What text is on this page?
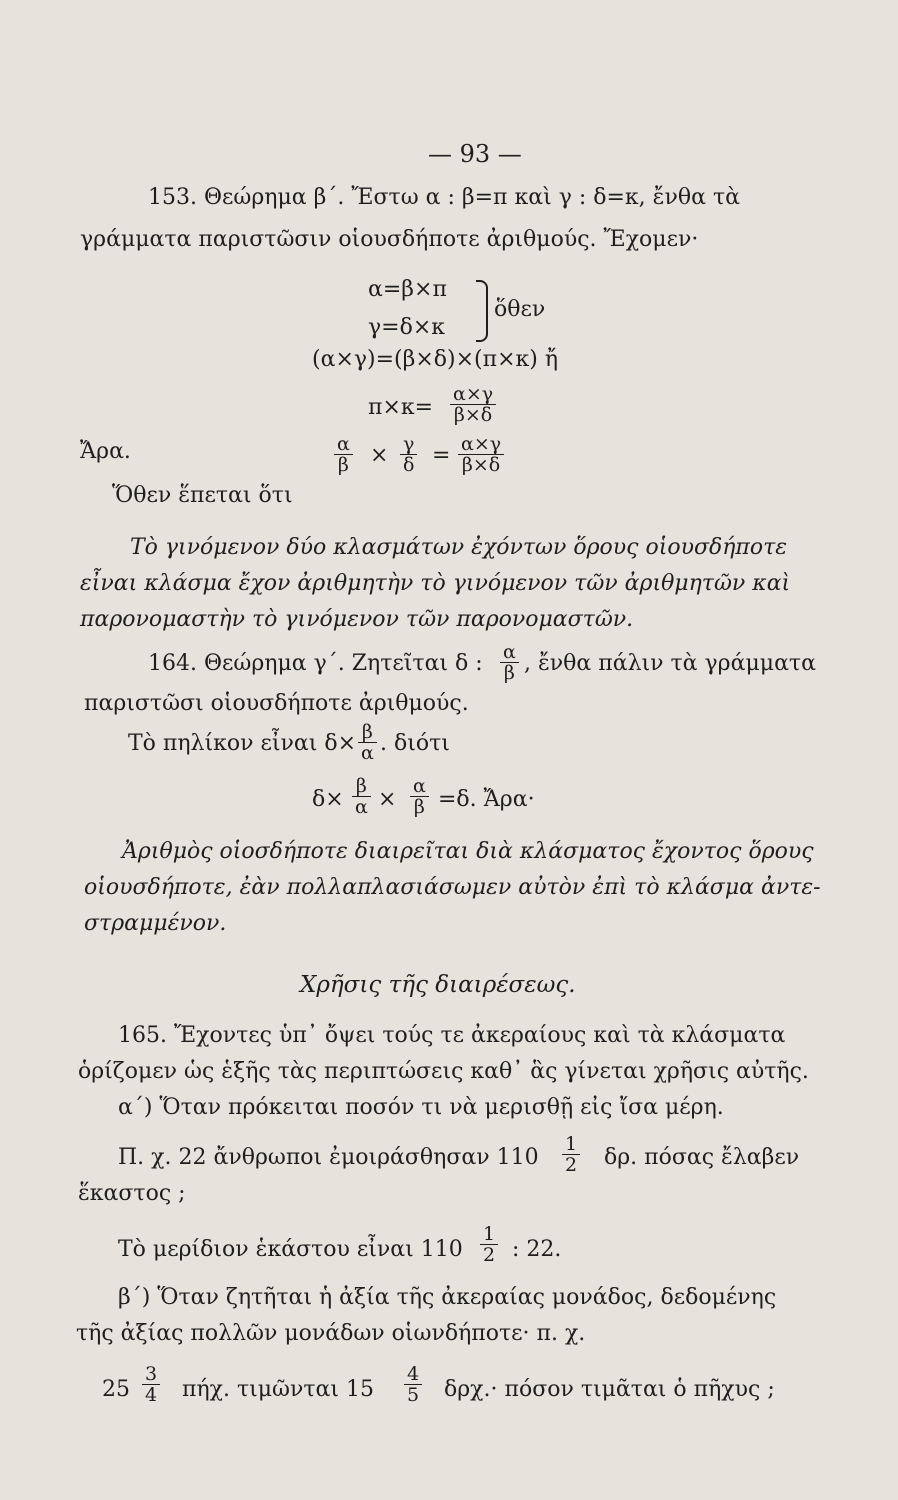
— 93 —
153. Θεώρημα β΄. Ἔστω α : β=π καὶ γ : δ=κ, ἔνθα τὰ
γράμματα παριστῶσιν οἱουσδήποτε ἀριθμούς. Ἔχομεν·
α=β×π
γ=δ×κ
ὅθεν
(α×γ)=(β×δ)×(π×κ) ἤ
$\pi\times\kappa= \frac{\alpha\times\gamma}{\beta\times\delta}$
Ἄρα.	$\frac{\alpha}{\beta} \times \frac{\gamma}{\delta} = \frac{\alpha\times\gamma}{\beta\times\delta}$
Ὅθεν ἕπεται ὅτι
Τὸ γινόμενον δύο κλασμάτων ἐχόντων ὅρους οἱουσδήποτε
εἶναι κλάσμα ἔχον ἀριθμητὴν τὸ γινόμενον τῶν ἀριθμητῶν καὶ
παρονομαστὴν τὸ γινόμενον τῶν παρονομαστῶν.
164. Θεώρημα γ΄. Ζητεῖται δ : $\frac{\alpha}{\beta}$ , ἔνθα πάλιν τὰ γράμματα
παριστῶσι οἱουσδήποτε ἀριθμούς.
Τὸ πηλίκον εἶναι $\delta\times \frac{\beta}{\alpha}$ . διότι
$\delta\times \frac{\beta}{\alpha} \times \frac{\alpha}{\beta} =\delta$. Ἄρα·
Ἀριθμὸς οἱοσδήποτε διαιρεῖται διὰ κλάσματος ἔχοντος ὅρους
οἱουσδήποτε, ἐὰν πολλαπλασιάσωμεν αὐτὸν ἐπὶ τὸ κλάσμα ἀντε-
στραμμένον.
Χρῆσις τῆς διαιρέσεως.
165. Ἔχοντες ὑπ᾿ ὄψει τούς τε ἀκεραίους καὶ τὰ κλάσματα
ὁρίζομεν ὡς ἑξῆς τὰς περιπτώσεις καθ᾿ ἃς γίνεται χρῆσις αὐτῆς.
α΄) Ὅταν πρόκειται ποσόν τι νὰ μερισθῇ εἰς ἴσα μέρη.
Π. χ. 22 ἄνθρωποι ἐμοιράσθησαν $110 \frac{1}{2} \delta\rho$. πόσας ἔλαβεν
ἕκαστος ;
Τὸ μερίδιον ἑκάστου εἶναι $110 \frac{1}{2}$ : 22.
β΄) Ὅταν ζητῆται ἡ ἀξία τῆς ἀκεραίας μονάδος, δεδομένης
τῆς ἀξίας πολλῶν μονάδων οἱωνδήποτε· π. χ.
$25 \frac{3}{4} \pi ή\chi$. τιμῶνται $15 \frac{4}{5} \delta\rho\chi.\cdot \pi ό\sigma o\nu$ τιμᾶται ὁ πῆχυς ;
